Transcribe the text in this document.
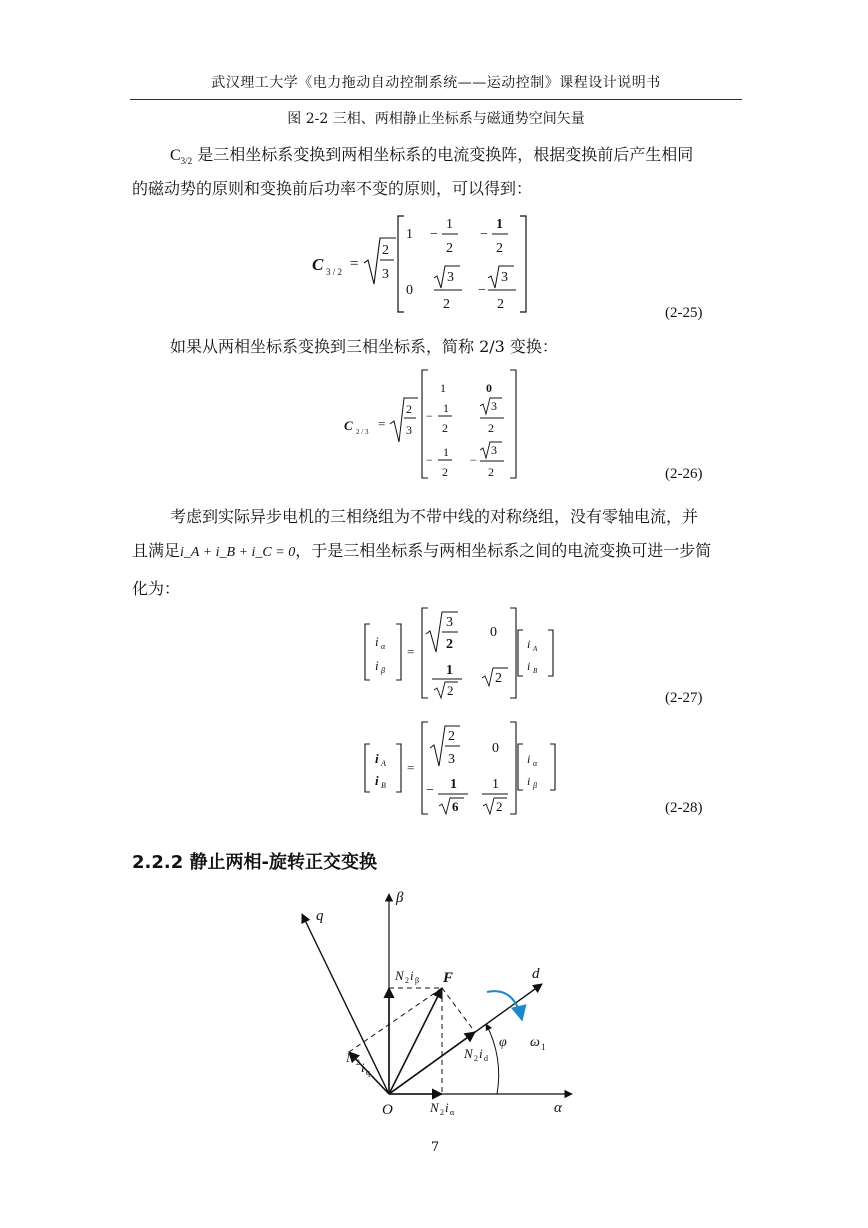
武汉理工大学《电力拖动自动控制系统——运动控制》课程设计说明书
图 2-2 三相、两相静止坐标系与磁通势空间矢量
$C_{3/2}$ 是三相坐标系变换到两相坐标系的电流变换阵，根据变换前后产生相同
的磁动势的原则和变换前后功率不变的原则，可以得到：
C 3 / 2 =
2
3
1 −
1
2
−
1
2
0
3
2
−
3
2
(2-25)
如果从两相坐标系变换到三相坐标系，简称 2/3 变换：
C 2 / 3
=
2
3
1	0
−
1
2
3
2
−
1
2
−
3
2	(2-26)
考虑到实际异步电机的三相绕组为不带中线的对称绕组，没有零轴电流，并
且满足i_A + i_B + i_C = 0，于是三相坐标系与两相坐标系之间的电流变换可进一步简
化为：
i α
i β
=
3
2
0
1
2
2
i A
i B
(2-27)
i A
i B
=
2
3
0
− 1
6
1
2
i α
i β
(2-28)
2.2.2 静止两相-旋转正交变换
β
q
d
F
O	α
ω 1
φ
N 2 i β
N 2 i q
N 2 i d
N 2 i α
7
